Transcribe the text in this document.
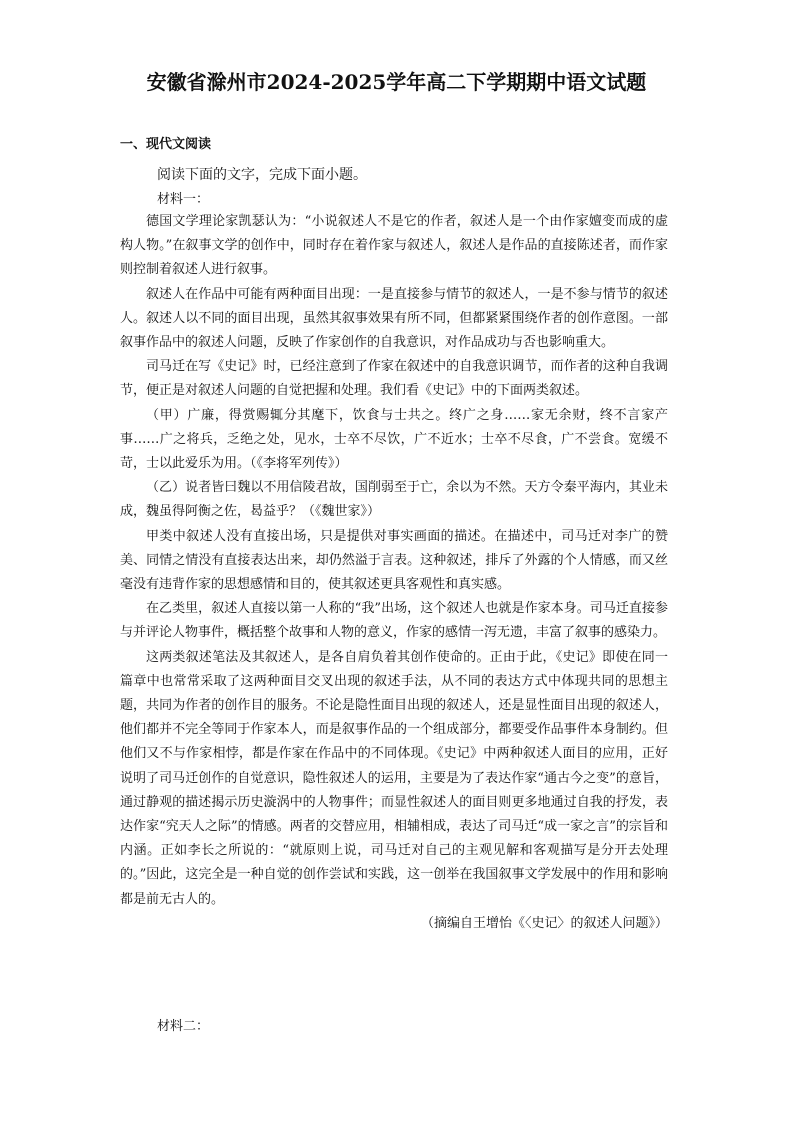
安徽省滁州市2024-2025学年高二下学期期中语文试题
一、现代文阅读
阅读下面的文字，完成下面小题。
材料一：

德国文学理论家凯瑟认为：“小说叙述人不是它的作者，叙述人是一个由作家嬗变而成的虚构人物。”在叙事文学的创作中，同时存在着作家与叙述人，叙述人是作品的直接陈述者，而作家则控制着叙述人进行叙事。

叙述人在作品中可能有两种面目出现：一是直接参与情节的叙述人，一是不参与情节的叙述人。叙述人以不同的面目出现，虽然其叙事效果有所不同，但都紧紧围绕作者的创作意图。一部叙事作品中的叙述人问题，反映了作家创作的自我意识，对作品成功与否也影响重大。

司马迁在写《史记》时，已经注意到了作家在叙述中的自我意识调节，而作者的这种自我调节，便正是对叙述人问题的自觉把握和处理。我们看《史记》中的下面两类叙述。

（甲）广廉，得赏赐辄分其麾下，饮食与士共之。终广之身……家无余财，终不言家产事……广之将兵，乏绝之处，见水，士卒不尽饮，广不近水；士卒不尽食，广不尝食。宽缓不苛，士以此爱乐为用。（《李将军列传》）

（乙）说者皆曰魏以不用信陵君故，国削弱至于亡，余以为不然。天方令秦平海内，其业未成，魏虽得阿衡之佐，曷益乎？（《魏世家》）

甲类中叙述人没有直接出场，只是提供对事实画面的描述。在描述中，司马迁对李广的赞美、同情之情没有直接表达出来，却仍然溢于言表。这种叙述，排斥了外露的个人情感，而又丝毫没有违背作家的思想感情和目的，使其叙述更具客观性和真实感。

在乙类里，叙述人直接以第一人称的“我”出场，这个叙述人也就是作家本身。司马迁直接参与并评论人物事件，概括整个故事和人物的意义，作家的感情一泻无遗，丰富了叙事的感染力。

这两类叙述笔法及其叙述人，是各自肩负着其创作使命的。正由于此，《史记》即使在同一篇章中也常常采取了这两种面目交叉出现的叙述手法，从不同的表达方式中体现共同的思想主题，共同为作者的创作目的服务。不论是隐性面目出现的叙述人，还是显性面目出现的叙述人，他们都并不完全等同于作家本人，而是叙事作品的一个组成部分，都要受作品事件本身制约。但他们又不与作家相悖，都是作家在作品中的不同体现。《史记》中两种叙述人面目的应用，正好说明了司马迁创作的自觉意识，隐性叙述人的运用，主要是为了表达作家“通古今之变”的意旨，通过静观的描述揭示历史漩涡中的人物事件；而显性叙述人的面目则更多地通过自我的抒发，表达作家“究天人之际”的情感。两者的交替应用，相辅相成，表达了司马迁“成一家之言”的宗旨和内涵。正如李长之所说的：“就原则上说，司马迁对自己的主观见解和客观描写是分开去处理的。”因此，这完全是一种自觉的创作尝试和实践，这一创举在我国叙事文学发展中的作用和影响都是前无古人的。

（摘编自王增怡《〈史记〉的叙述人问题》）

材料二：
